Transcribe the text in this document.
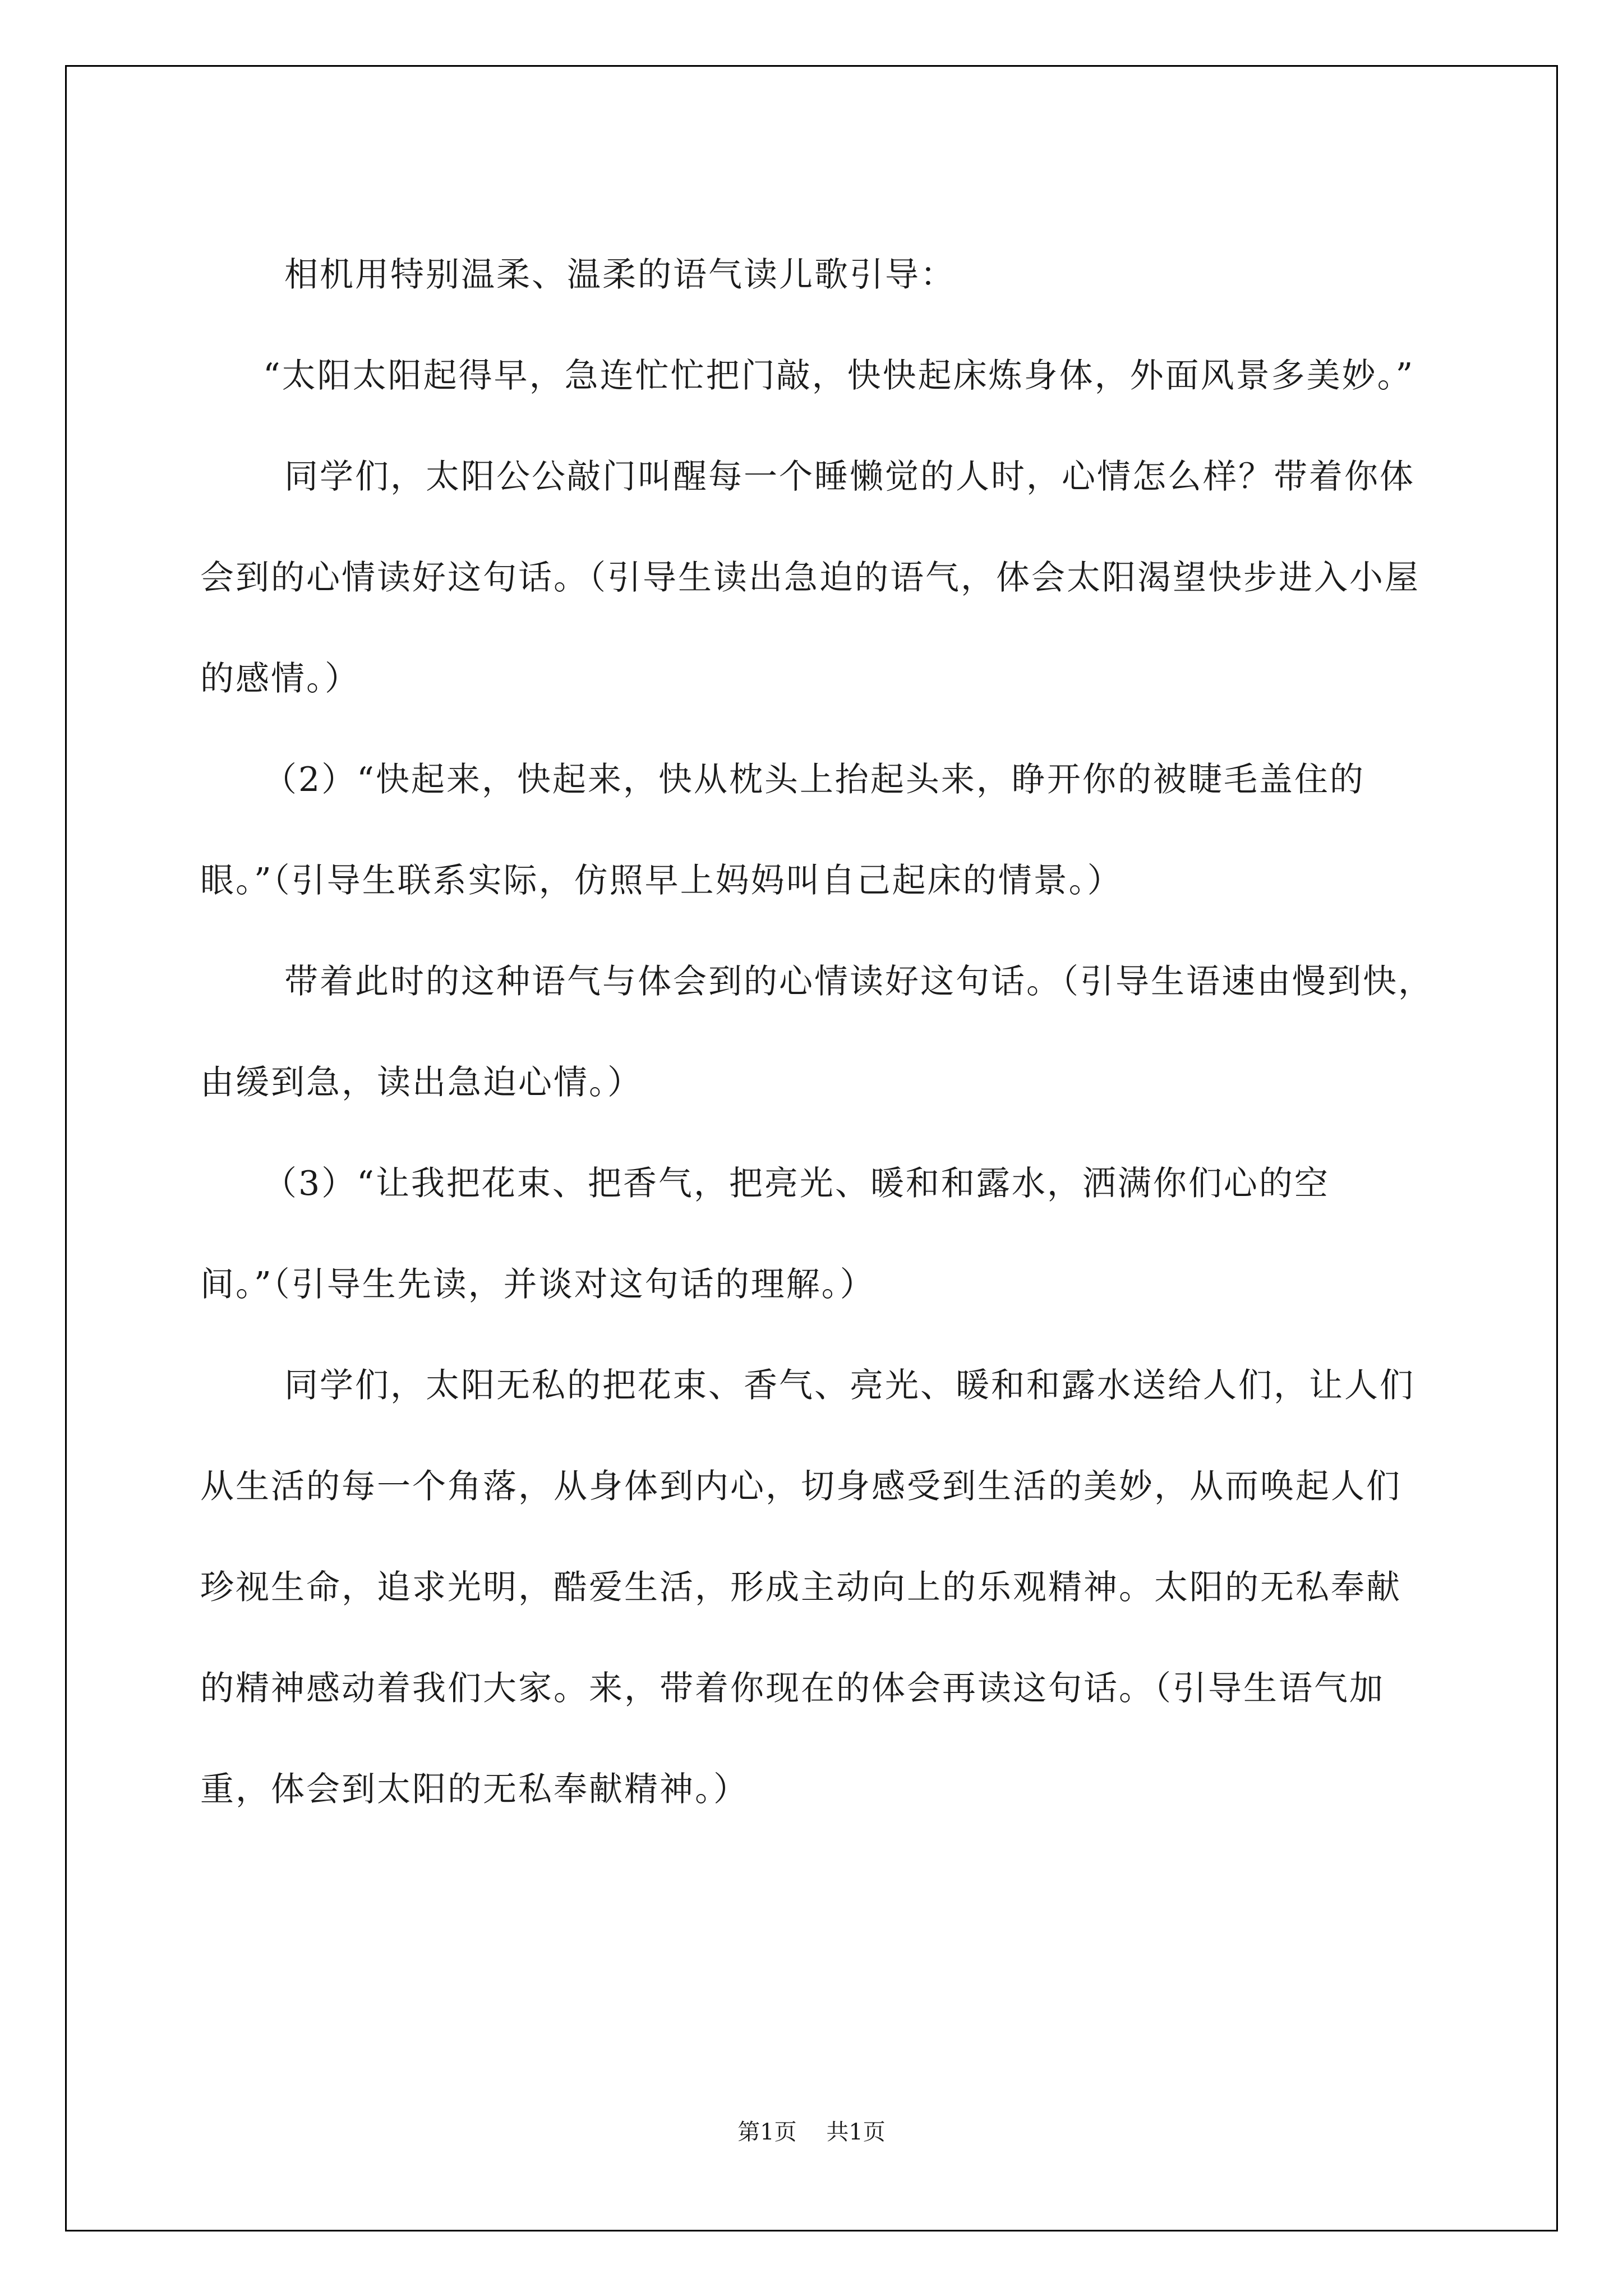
相机用特别温柔、温柔的语气读儿歌引导：

“太阳太阳起得早，急连忙忙把门敲，快快起床炼身体，外面风景多美妙。”

同学们，太阳公公敲门叫醒每一个睡懒觉的人时，心情怎么样？带着你体会到的心情读好这句话。（引导生读出急迫的语气，体会太阳渴望快步进入小屋的感情。）

（2）“快起来，快起来，快从枕头上抬起头来，睁开你的被睫毛盖住的眼。”（引导生联系实际，仿照早上妈妈叫自己起床的情景。）

带着此时的这种语气与体会到的心情读好这句话。（引导生语速由慢到快，由缓到急，读出急迫心情。）

（3）“让我把花束、把香气，把亮光、暖和和露水，洒满你们心的空间。”（引导生先读，并谈对这句话的理解。）

同学们，太阳无私的把花束、香气、亮光、暖和和露水送给人们，让人们从生活的每一个角落，从身体到内心，切身感受到生活的美妙，从而唤起人们珍视生命，追求光明，酷爱生活，形成主动向上的乐观精神。太阳的无私奉献的精神感动着我们大家。来，带着你现在的体会再读这句话。（引导生语气加重，体会到太阳的无私奉献精神。）

第1页 共1页
